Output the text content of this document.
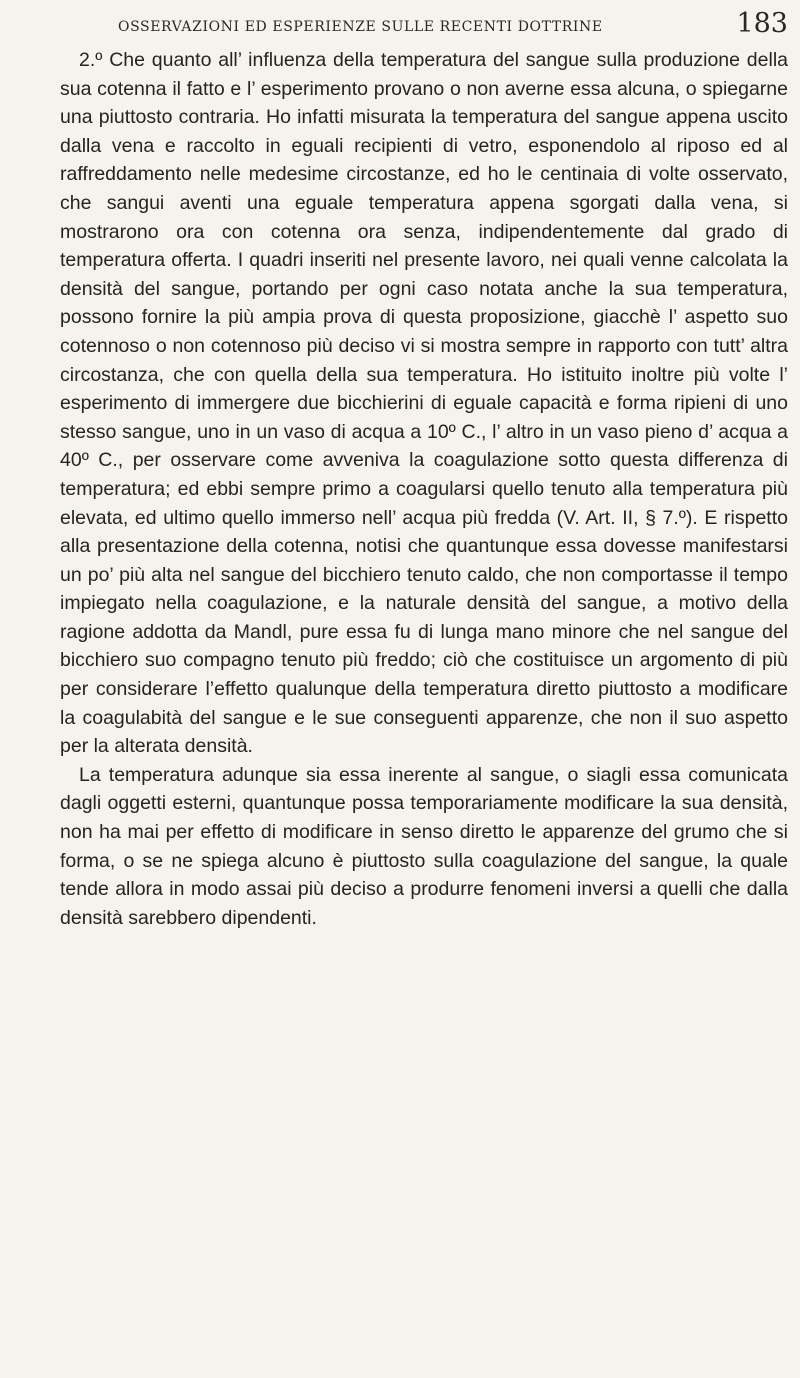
OSSERVAZIONI ED ESPERIENZE SULLE RECENTI DOTTRINE	183

2.º Che quanto all’ influenza della temperatura del sangue sulla produzione della sua cotenna il fatto e l’ esperimento provano o non averne essa alcuna, o spiegarne una piuttosto contraria. Ho infatti misurata la temperatura del sangue appena uscito dalla vena e raccolto in eguali recipienti di vetro, esponendolo al riposo ed al raffreddamento nelle medesime circostanze, ed ho le centinaia di volte osservato, che sangui aventi una eguale temperatura appena sgorgati dalla vena, si mostrarono ora con cotenna ora senza, indipendentemente dal grado di temperatura offerta. I quadri inseriti nel presente lavoro, nei quali venne calcolata la densità del sangue, portando per ogni caso notata anche la sua temperatura, possono fornire la più ampia prova di questa proposizione, giacchè l’ aspetto suo cotennoso o non cotennoso più deciso vi si mostra sempre in rapporto con tutt’ altra circostanza, che con quella della sua temperatura. Ho istituito inoltre più volte l’ esperimento di immergere due bicchierini di eguale capacità e forma ripieni di uno stesso sangue, uno in un vaso di acqua a 10º C., l’ altro in un vaso pieno d’ acqua a 40º C., per osservare come avveniva la coagulazione sotto questa differenza di temperatura; ed ebbi sempre primo a coagularsi quello tenuto alla temperatura più elevata, ed ultimo quello immerso nell’ acqua più fredda (V. Art. II, § 7.º). E rispetto alla presentazione della cotenna, notisi che quantunque essa dovesse manifestarsi un po’ più alta nel sangue del bicchiero tenuto caldo, che non comportasse il tempo impiegato nella coagulazione, e la naturale densità del sangue, a motivo della ragione addotta da Mandl, pure essa fu di lunga mano minore che nel sangue del bicchiero suo compagno tenuto più freddo; ciò che costituisce un argomento di più per considerare l’effetto qualunque della temperatura diretto piuttosto a modificare la coagulabità del sangue e le sue conseguenti apparenze, che non il suo aspetto per la alterata densità.

La temperatura adunque sia essa inerente al sangue, o siagli essa comunicata dagli oggetti esterni, quantunque possa temporariamente modificare la sua densità, non ha mai per effetto di modificare in senso diretto le apparenze del grumo che si forma, o se ne spiega alcuno è piuttosto sulla coagulazione del sangue, la quale tende allora in modo assai più deciso a produrre fenomeni inversi a quelli che dalla densità sarebbero dipendenti.
